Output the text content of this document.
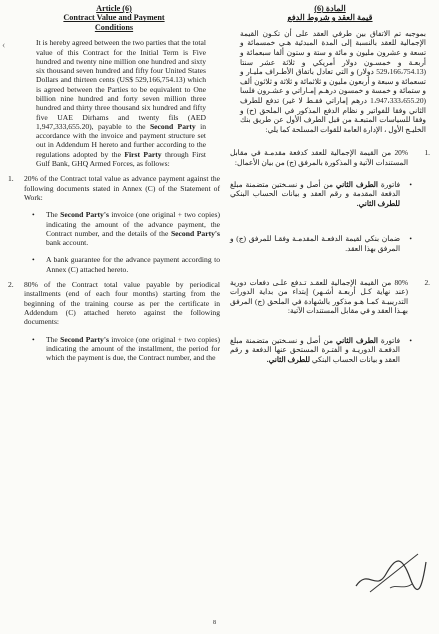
‹
Article (6)
Contract Value and Payment
Conditions
It is hereby agreed between the two parties that the total value of this Contract for the Initial Term is Five hundred and twenty nine million one hundred and sixty six thousand seven hundred and fifty four United States Dollars and thirteen cents (US$ 529,166,754.13) which is agreed between the Parties to be equivalent to One billion nine hundred and forty seven million three hundred and thirty three thousand six hundred and fifty five UAE Dirhams and twenty fils (AED 1,947,333,655.20), payable to the Second Party in accordance with the invoice and payment structure set out in Addendum H hereto and further according to the regulations adopted by the First Party through First Gulf Bank, GHQ Armed Forces, as follows:
1.	20% of the Contract total value as advance payment against the following documents stated in Annex (C) of the Statement of Work:
•	The Second Party's invoice (one original + two copies) indicating the amount of the advance payment, the Contract number, and the details of the Second Party's bank account.
•	A bank guarantee for the advance payment according to Annex (C) attached hereto.
2.	80% of the Contract total value payable by periodical installments (end of each four months) starting from the beginning of the training course as per the certificate in Addendum (C) attached hereto against the following documents:
•	The Second Party's invoice (one original + two copies) indicating the amount of the installment, the period for which the payment is due, the Contract number, and the
المادة (6)
قيمة العقد و شروط الدفع
بموجبه تم الاتفاق بين طرفي العقد على أن تكـون القيمة الإجمالية للعقد بالنسبة إلى المدة المبدئية هـي خمسمائة و تسعة و عشرون مليون و مائة و ستة و ستون ألفا سبعمائة و أربعـة و خمسـون دولار أمريكي و ثلاثة عشر سنتا (529،166،754.13 دولار) و التي تعادل باتفاق الأطـراف مليـار و تسعمائة و سبعة و أربعون مليون و ثلاثمائة و ثلاثة و ثلاثون ألف و ستمائة و خمسة و خمسون درهـم إمـاراتي و عشـرون فلسا (1،947،333،655.20 درهم إماراتي فقـط لا غير) تدفع للطرف الثاني وفقا للفواتير و نظام الدفع المذكور في الملحق (ح) و وفقا للسياسات المتبعـة من قبل الطرف الأول عن طريق بنك الخليـج الأول ، الإدارة العامة للقوات المسلحة كما يلي:
.1
20% من القيمة الإجمالية للعقد كدفعة مقدمـة في مقابل المستندات الآتية و المذكورة بالمرفق (ج) من بيان الأعمال:
•
فاتورة الطرف الثاني من أصل و نسـختين متضمنة مبلغ الدفعة المقدمة و رقم العقد و بيانات الحساب البنكي للطرف الثاني.
•
ضمان بنكي لقيمة الدفعـة المقدمـة وفقـا للمرفق (ج) و المرفق بهذا العقد.
.2
80% من القيمة الإجمالية للعقـد تـدفع علـى دفعات دورية (عند نهاية كـل أربعـة أشـهر) إبتداء من بداية الدورات التدريبيـة كمـا هـو مذكور بالشهادة في الملحق (ج) المرفق بهـذا العقد و في مقابل المستندات الآتية:
•
فاتورة الطرف الثاني من أصل و نسـختين متضمنة مبلغ الدفعـة الدوريـة و الفتـرة المستحق عنها الدفعة و رقم العقد و بيانات الحساب البنكي للطرف الثاني.
8
